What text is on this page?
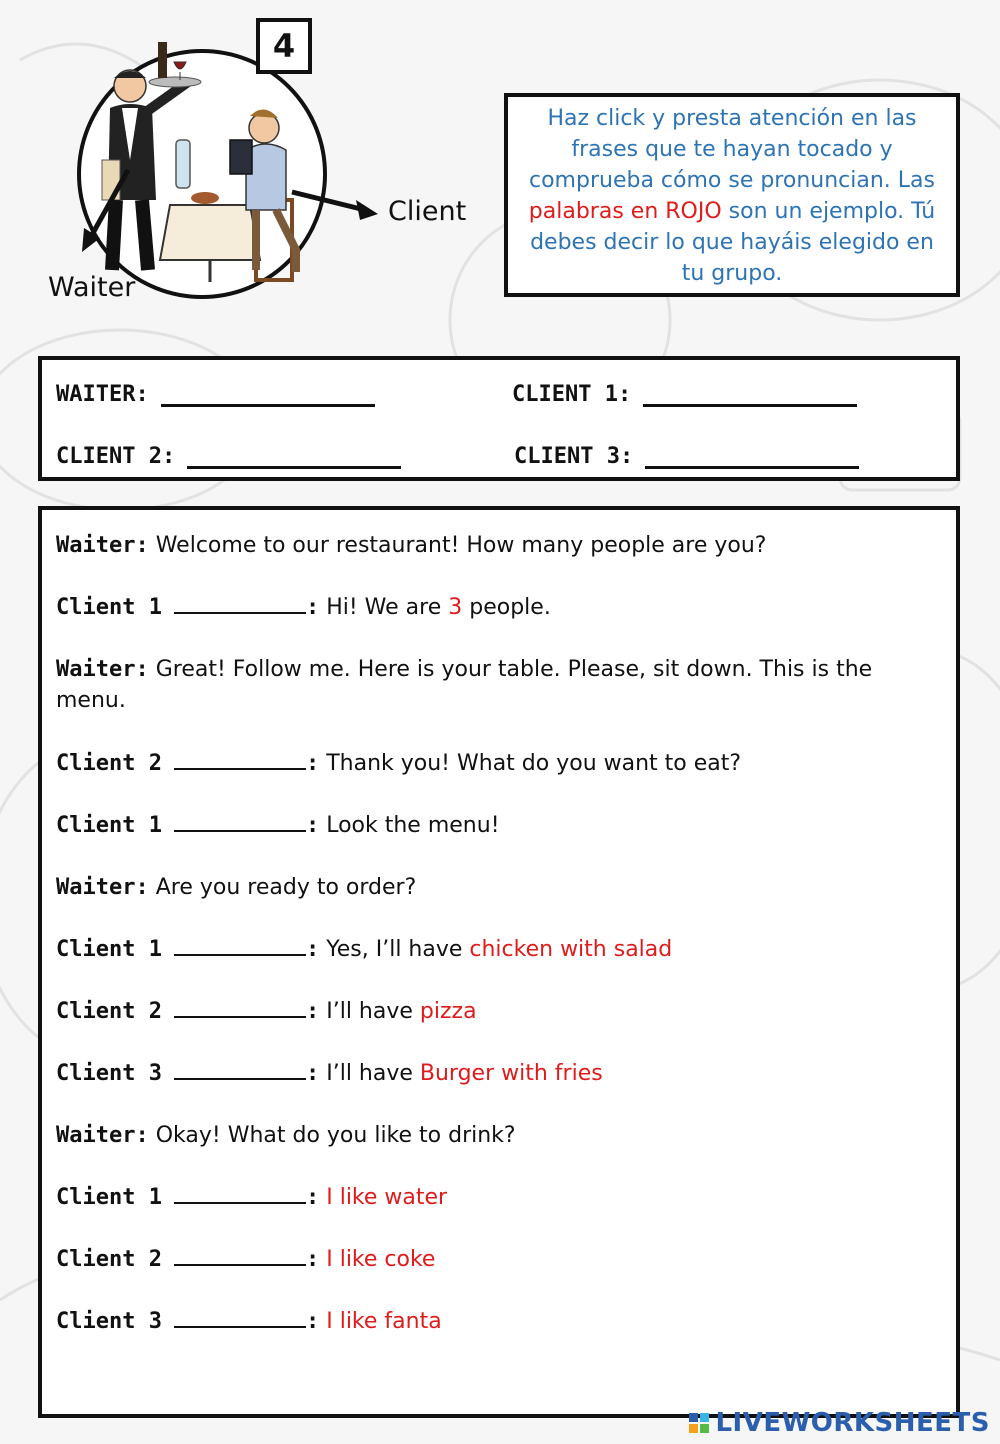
4
Client
Waiter
Haz click y presta atención en las frases que te hayan tocado y comprueba cómo se pronuncian. Las palabras en ROJO son un ejemplo. Tú debes decir lo que hayáis elegido en tu grupo.
WAITER:	CLIENT 1:
CLIENT 2:	CLIENT 3:
Waiter: Welcome to our restaurant! How many people are you?
Client 1	: Hi! We are 3 people.
Waiter: Great! Follow me. Here is your table. Please, sit down. This is the menu.
Client 2	: Thank you! What do you want to eat?
Client 1	: Look the menu!
Waiter: Are you ready to order?
Client 1	: Yes, I’ll have chicken with salad
Client 2	: I’ll have pizza
Client 3	: I’ll have Burger with fries
Waiter: Okay! What do you like to drink?
Client 1	: I like water
Client 2	: I like coke
Client 3	: I like fanta
LIVEWORKSHEETS
